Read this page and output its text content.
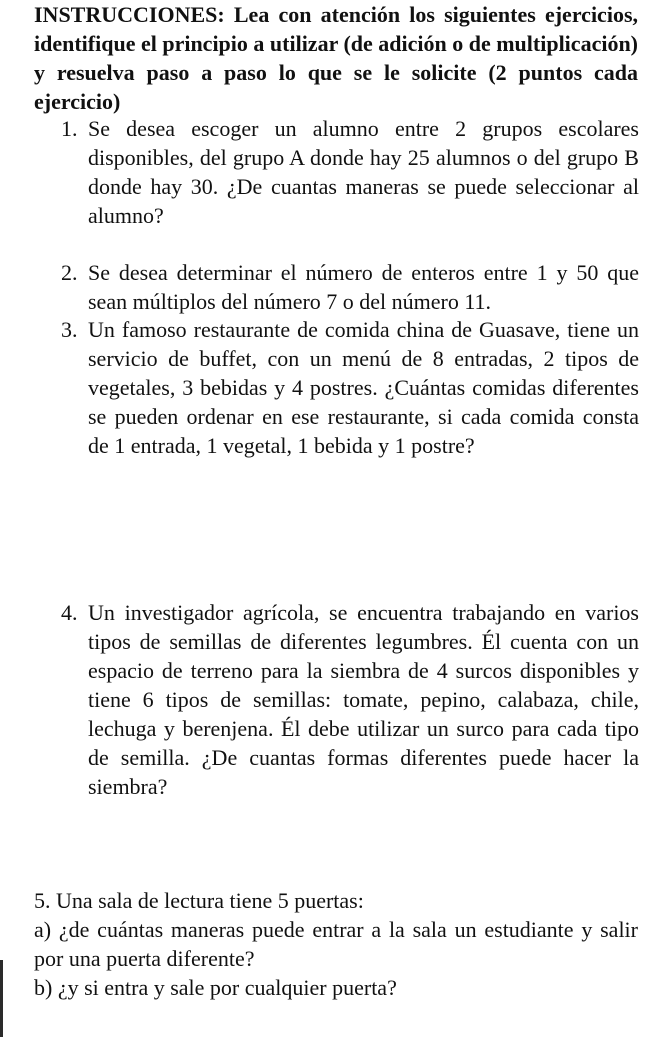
INSTRUCCIONES: Lea con atención los siguientes ejercicios, identifique el principio a utilizar (de adición o de multiplicación) y resuelva paso a paso lo que se le solicite (2 puntos cada ejercicio)

1. Se desea escoger un alumno entre 2 grupos escolares disponibles, del grupo A donde hay 25 alumnos o del grupo B donde hay 30. ¿De cuantas maneras se puede seleccionar al alumno?
2. Se desea determinar el número de enteros entre 1 y 50 que sean múltiplos del número 7 o del número 11.
3. Un famoso restaurante de comida china de Guasave, tiene un servicio de buffet, con un menú de 8 entradas, 2 tipos de vegetales, 3 bebidas y 4 postres. ¿Cuántas comidas diferentes se pueden ordenar en ese restaurante, si cada comida consta de 1 entrada, 1 vegetal, 1 bebida y 1 postre?
4. Un investigador agrícola, se encuentra trabajando en varios tipos de semillas de diferentes legumbres. Él cuenta con un espacio de terreno para la siembra de 4 surcos disponibles y tiene 6 tipos de semillas: tomate, pepino, calabaza, chile, lechuga y berenjena. Él debe utilizar un surco para cada tipo de semilla. ¿De cuantas formas diferentes puede hacer la siembra?
5. Una sala de lectura tiene 5 puertas:
a) ¿de cuántas maneras puede entrar a la sala un estudiante y salir por una puerta diferente?
b) ¿y si entra y sale por cualquier puerta?
